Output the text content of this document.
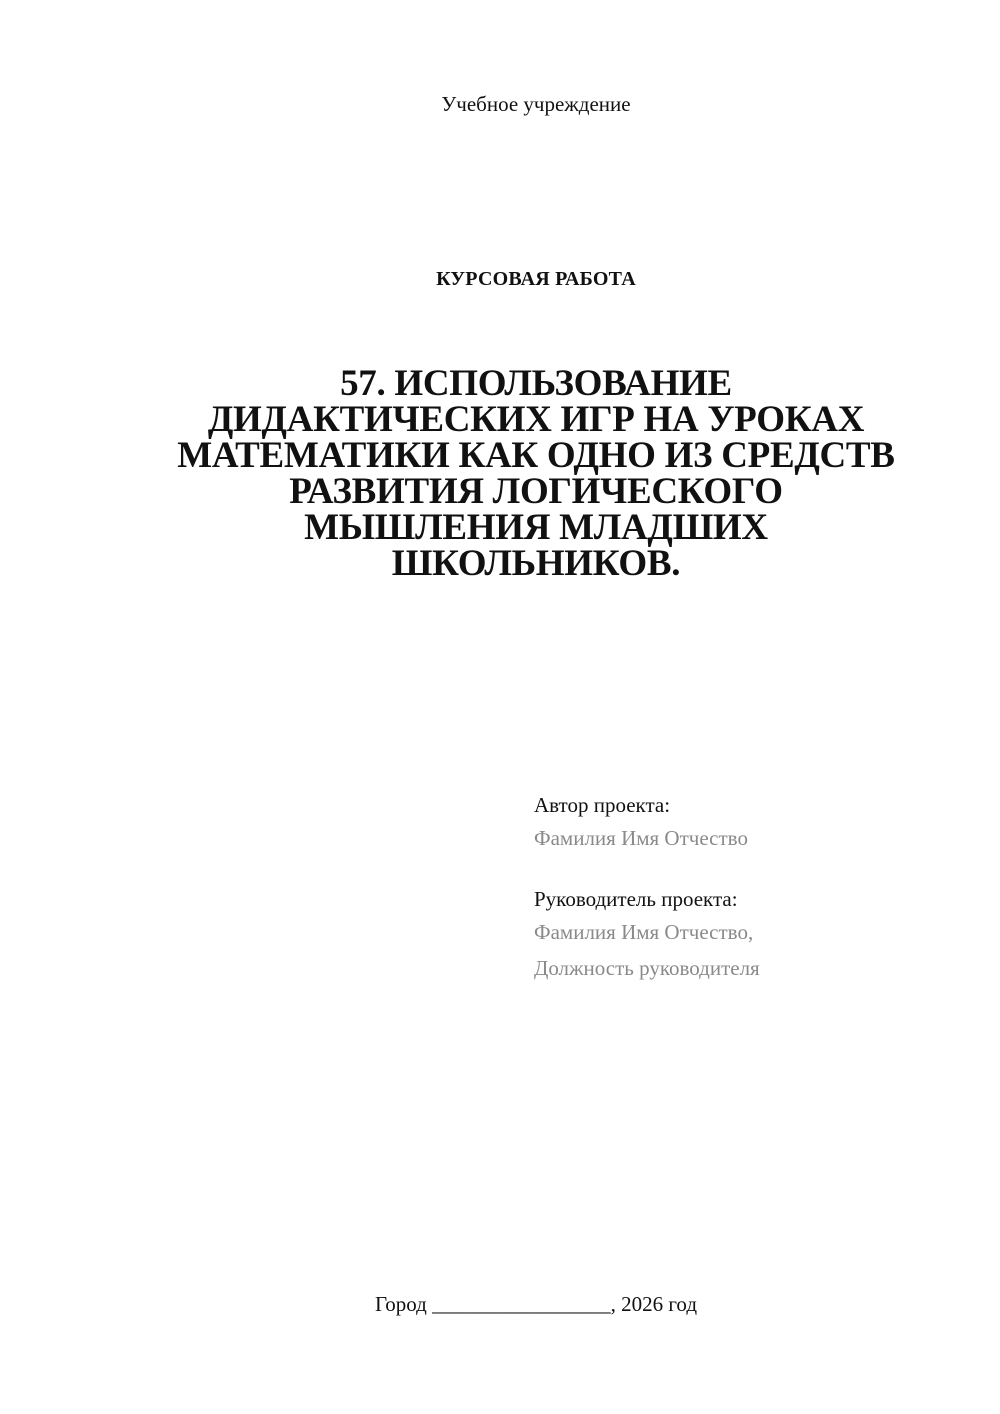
Учебное учреждение
КУРСОВАЯ РАБОТА
57. ИСПОЛЬЗОВАНИЕ
ДИДАКТИЧЕСКИХ ИГР НА УРОКАХ
МАТЕМАТИКИ КАК ОДНО ИЗ СРЕДСТВ
РАЗВИТИЯ ЛОГИЧЕСКОГО
МЫШЛЕНИЯ МЛАДШИХ
ШКОЛЬНИКОВ.
Автор проекта:
Фамилия Имя Отчество
Руководитель проекта:
Фамилия Имя Отчество,
Должность руководителя
Город _________________, 2026 год
